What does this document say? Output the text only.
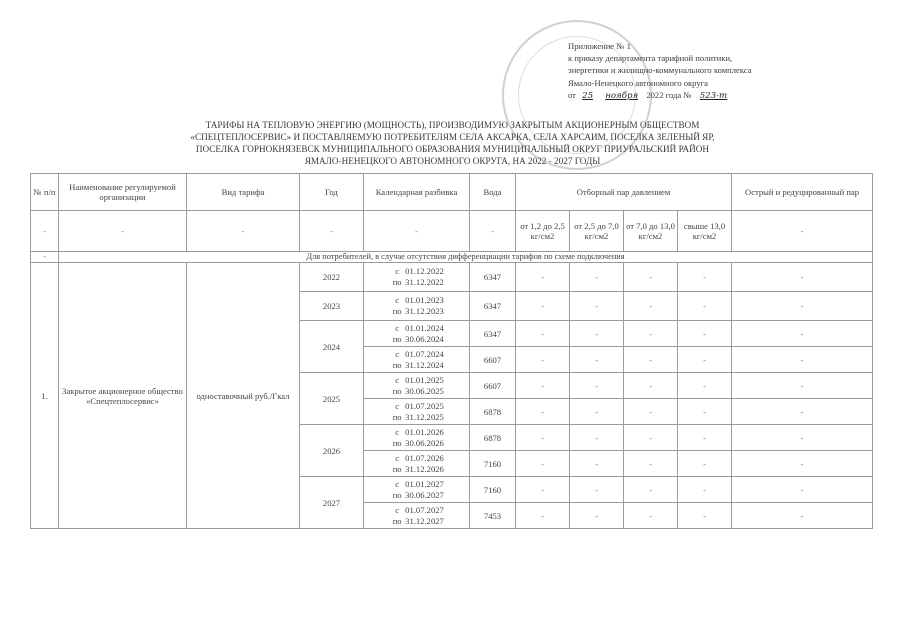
Приложение № 1
к приказу департамента тарифной политики,
энергетики и жилищно-коммунального комплекса
Ямало-Ненецкого автономного округа
от 25 ноября 2022 года № 523-т
ТАРИФЫ НА ТЕПЛОВУЮ ЭНЕРГИЮ (МОЩНОСТЬ), ПРОИЗВОДИМУЮ ЗАКРЫТЫМ АКЦИОНЕРНЫМ ОБЩЕСТВОМ
«СПЕЦТЕПЛОСЕРВИС» И ПОСТАВЛЯЕМУЮ ПОТРЕБИТЕЛЯМ СЕЛА АКСАРКА, СЕЛА ХАРСАИМ, ПОСЕЛКА ЗЕЛЕНЫЙ ЯР,
ПОСЕЛКА ГОРНОКНЯЗЕВСК МУНИЦИПАЛЬНОГО ОБРАЗОВАНИЯ МУНИЦИПАЛЬНЫЙ ОКРУГ ПРИУРАЛЬСКИЙ РАЙОН
ЯМАЛО-НЕНЕЦКОГО АВТОНОМНОГО ОКРУГА, НА 2022 - 2027 ГОДЫ
№ п/п	Наименование регулируемой организации	Вид тарифа	Год	Календарная разбивка	Вода	Отборный пар давлением				Острый и редуцированный пар
-	-	-	-	-	-	от 1,2 до 2,5 кг/см2	от 2,5 до 7,0 кг/см2	от 7,0 до 13,0 кг/см2	свыше 13,0 кг/см2	-
-	Для потребителей, в случае отсутствия дифференциации тарифов по схеме подключения									
1.	Закрытое акционерное общество «Спецтеплосервис»	одноставочный руб./Гкал	2022	с 01.12.2022
по 31.12.2022	6347	-	-	-	-	-
			2023	с 01.01.2023
по 31.12.2023	6347	-	-	-	-	-
			2024	с 01.01.2024
по 30.06.2024	6347	-	-	-	-	-

				с 01.07.2024
по 31.12.2024	6607	-	-	-	-	-
			2025	с 01.01.2025
по 30.06.2025	6607	-	-	-	-	-

				с 01.07.2025
по 31.12.2025	6878	-	-	-	-	-
			2026	с 01.01.2026
по 30.06.2026	6878	-	-	-	-	-

				с 01.07.2026
по 31.12.2026	7160	-	-	-	-	-
			2027	с 01.01.2027
по 30.06.2027	7160	-	-	-	-	-

				с 01.07.2027
по 31.12.2027	7453	-	-	-	-	-
